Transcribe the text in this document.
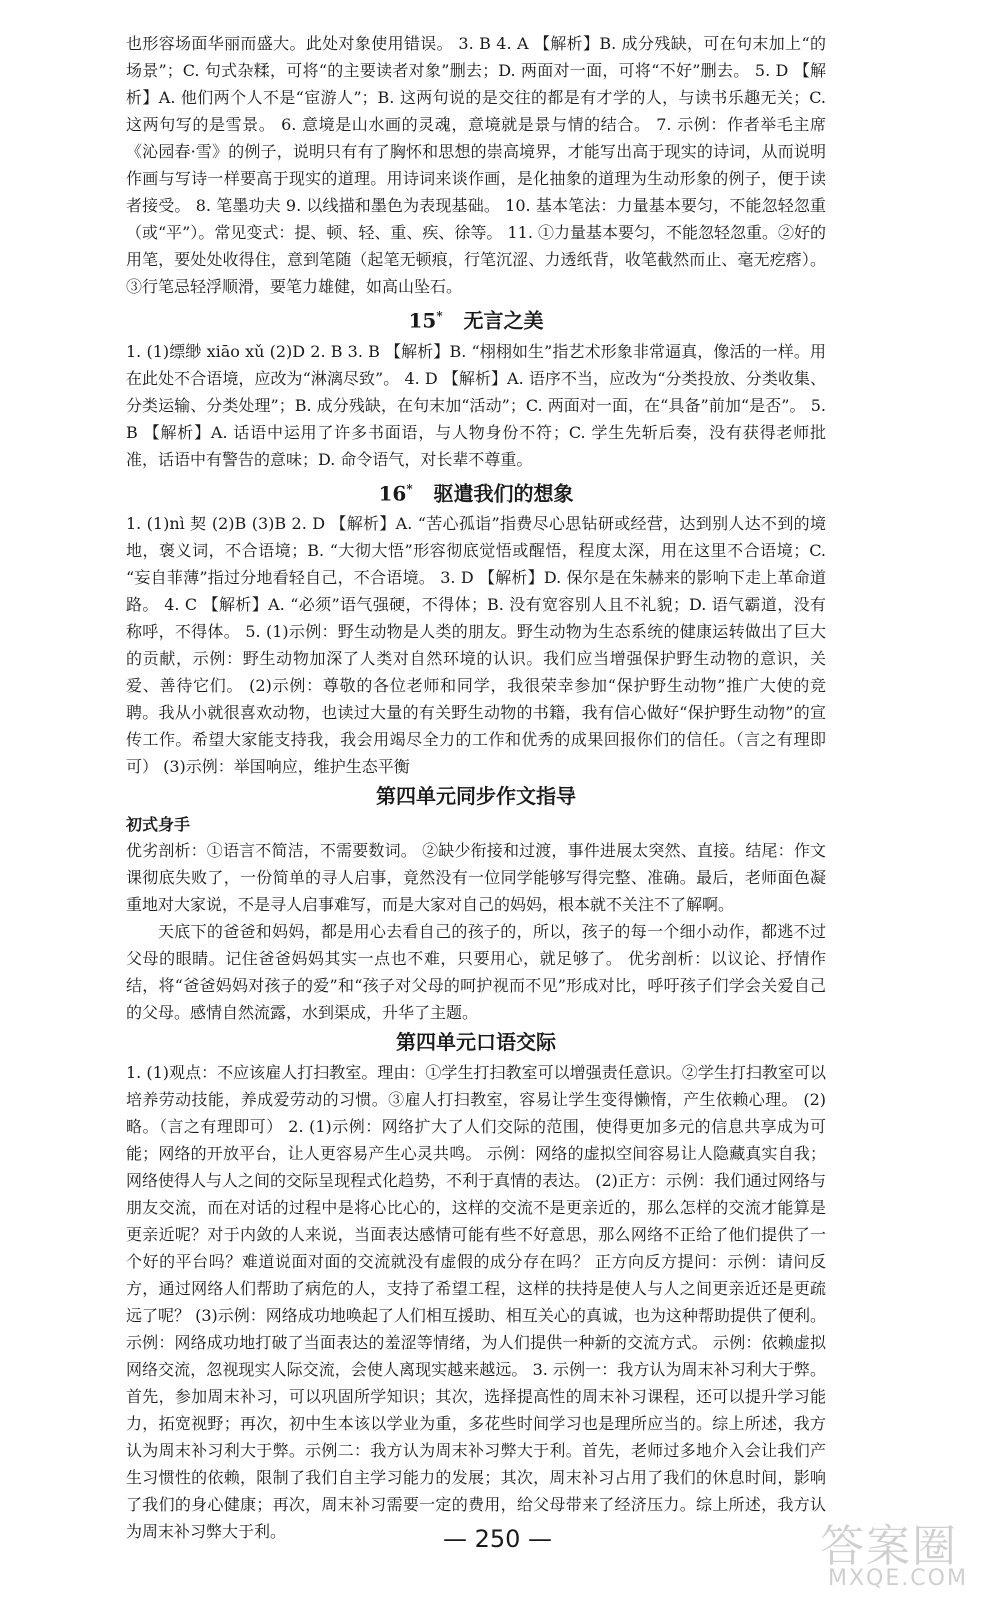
也形容场面华丽而盛大。此处对象使用错误。 3. B 4. A 【解析】B. 成分残缺，可在句末加上“的场景”；C. 句式杂糅，可将“的主要读者对象”删去；D. 两面对一面，可将“不好”删去。 5. D 【解析】A. 他们两个人不是“宦游人”；B. 这两句说的是交往的都是有才学的人，与读书乐趣无关；C. 这两句写的是雪景。 6. 意境是山水画的灵魂，意境就是景与情的结合。 7. 示例：作者举毛主席《沁园春·雪》的例子，说明只有有了胸怀和思想的崇高境界，才能写出高于现实的诗词，从而说明作画与写诗一样要高于现实的道理。用诗词来谈作画，是化抽象的道理为生动形象的例子，便于读者接受。 8. 笔墨功夫 9. 以线描和墨色为表现基础。 10. 基本笔法：力量基本要匀，不能忽轻忽重（或“平”）。常见变式：提、顿、轻、重、疾、徐等。 11. ①力量基本要匀，不能忽轻忽重。②好的用笔，要处处收得住，意到笔随（起笔无顿痕，行笔沉涩、力透纸背，收笔截然而止、毫无疙瘩）。③行笔忌轻浮顺滑，要笔力雄健，如高山坠石。

15* 无言之美

1. (1)缥缈 xiāo xǔ (2)D 2. B 3. B 【解析】B. “栩栩如生”指艺术形象非常逼真，像活的一样。用在此处不合语境，应改为“淋漓尽致”。 4. D 【解析】A. 语序不当，应改为“分类投放、分类收集、分类运输、分类处理”；B. 成分残缺，在句末加“活动”；C. 两面对一面，在“具备”前加“是否”。 5. B 【解析】A. 话语中运用了许多书面语，与人物身份不符；C. 学生先斩后奏，没有获得老师批准，话语中有警告的意味；D. 命令语气，对长辈不尊重。

16* 驱遣我们的想象

1. (1)nì 契 (2)B (3)B 2. D 【解析】A. “苦心孤诣”指费尽心思钻研或经营，达到别人达不到的境地，褒义词，不合语境；B. “大彻大悟”形容彻底觉悟或醒悟，程度太深，用在这里不合语境；C. “妄自菲薄”指过分地看轻自己，不合语境。 3. D 【解析】D. 保尔是在朱赫来的影响下走上革命道路。 4. C 【解析】A. “必须”语气强硬，不得体；B. 没有宽容别人且不礼貌；D. 语气霸道，没有称呼，不得体。 5. (1)示例：野生动物是人类的朋友。野生动物为生态系统的健康运转做出了巨大的贡献，示例：野生动物加深了人类对自然环境的认识。我们应当增强保护野生动物的意识，关爱、善待它们。 (2)示例：尊敬的各位老师和同学，我很荣幸参加“保护野生动物”推广大使的竞聘。我从小就很喜欢动物，也读过大量的有关野生动物的书籍，我有信心做好“保护野生动物”的宣传工作。希望大家能支持我，我会用竭尽全力的工作和优秀的成果回报你们的信任。（言之有理即可） (3)示例：举国响应，维护生态平衡

第四单元同步作文指导
初式身手

优劣剖析：①语言不简洁，不需要数词。 ②缺少衔接和过渡，事件进展太突然、直接。结尾：作文课彻底失败了，一份简单的寻人启事，竟然没有一位同学能够写得完整、准确。最后，老师面色凝重地对大家说，不是寻人启事难写，而是大家对自己的妈妈，根本就不关注不了解啊。

天底下的爸爸和妈妈，都是用心去看自己的孩子的，所以，孩子的每一个细小动作，都逃不过父母的眼睛。记住爸爸妈妈其实一点也不难，只要用心，就足够了。 优劣剖析：以议论、抒情作结，将“爸爸妈妈对孩子的爱”和“孩子对父母的呵护视而不见”形成对比，呼吁孩子们学会关爱自己的父母。感情自然流露，水到渠成，升华了主题。

第四单元口语交际

1. (1)观点：不应该雇人打扫教室。理由：①学生打扫教室可以增强责任意识。②学生打扫教室可以培养劳动技能，养成爱劳动的习惯。③雇人打扫教室，容易让学生变得懒惰，产生依赖心理。 (2)略。（言之有理即可） 2. (1)示例：网络扩大了人们交际的范围，使得更加多元的信息共享成为可能；网络的开放平台，让人更容易产生心灵共鸣。 示例：网络的虚拟空间容易让人隐藏真实自我；网络使得人与人之间的交际呈现程式化趋势，不利于真情的表达。 (2)正方：示例：我们通过网络与朋友交流，而在对话的过程中是将心比心的，这样的交流不是更亲近的，那么怎样的交流才能算是更亲近呢？对于内敛的人来说，当面表达感情可能有些不好意思，那么网络不正给了他们提供了一个好的平台吗？难道说面对面的交流就没有虚假的成分存在吗？ 正方向反方提问：示例：请问反方，通过网络人们帮助了病危的人，支持了希望工程，这样的扶持是使人与人之间更亲近还是更疏远了呢？ (3)示例：网络成功地唤起了人们相互援助、相互关心的真诚，也为这种帮助提供了便利。 示例：网络成功地打破了当面表达的羞涩等情绪，为人们提供一种新的交流方式。 示例：依赖虚拟网络交流，忽视现实人际交流，会使人离现实越来越远。 3. 示例一：我方认为周末补习利大于弊。首先，参加周末补习，可以巩固所学知识；其次，选择提高性的周末补习课程，还可以提升学习能力，拓宽视野；再次，初中生本该以学业为重，多花些时间学习也是理所应当的。综上所述，我方认为周末补习利大于弊。示例二：我方认为周末补习弊大于利。首先，老师过多地介入会让我们产生习惯性的依赖，限制了我们自主学习能力的发展；其次，周末补习占用了我们的休息时间，影响了我们的身心健康；再次，周末补习需要一定的费用，给父母带来了经济压力。综上所述，我方认为周末补习弊大于利。	— 250 —	答案圈
MXQE.COM
